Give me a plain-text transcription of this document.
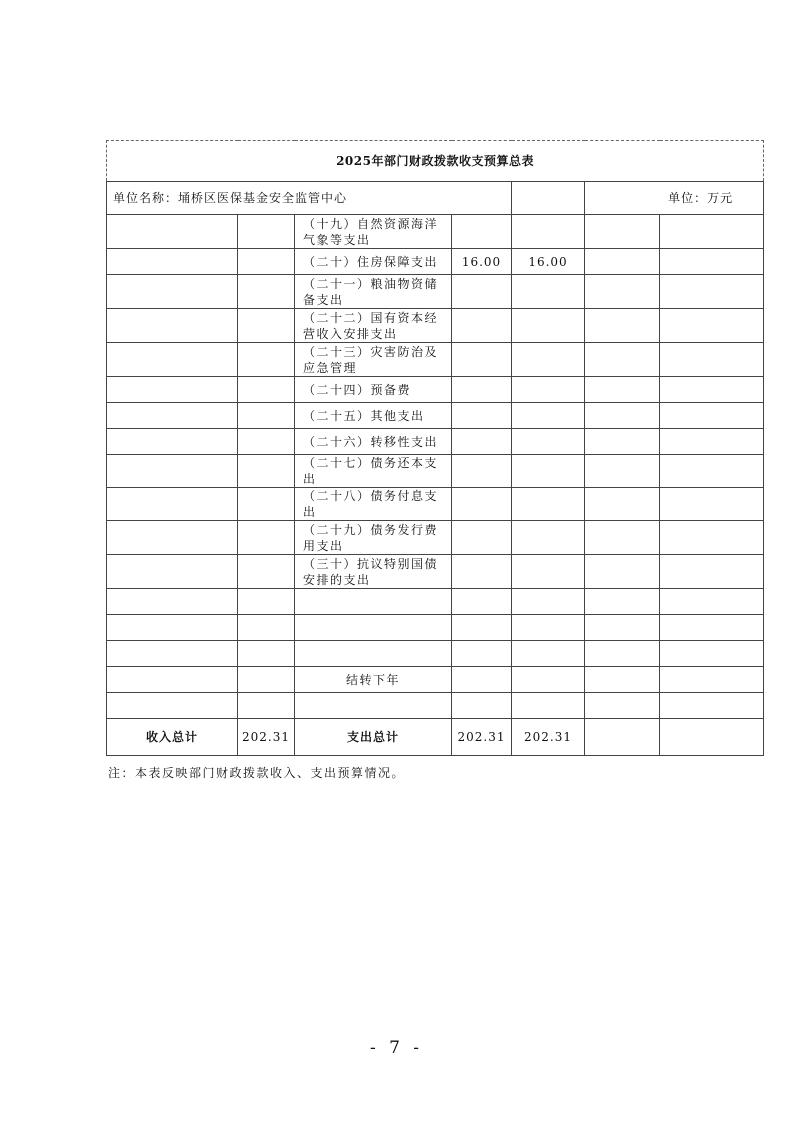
2025年部门财政拨款收支预算总表						
单位名称：埇桥区医保基金安全监管中心					单位：万元	
		（十九）自然资源海洋气象等支出				
		（二十）住房保障支出	16.00	16.00		
		（二十一）粮油物资储备支出				
		（二十二）国有资本经营收入安排支出				
		（二十三）灾害防治及应急管理				
		（二十四）预备费				
		（二十五）其他支出				
		（二十六）转移性支出				
		（二十七）债务还本支出				
		（二十八）债务付息支出				
		（二十九）债务发行费用支出				
		（三十）抗议特别国债安排的支出				

		结转下年				

收入总计	202.31	支出总计	202.31	202.31		
注：本表反映部门财政拨款收入、支出预算情况。
- 7 -
